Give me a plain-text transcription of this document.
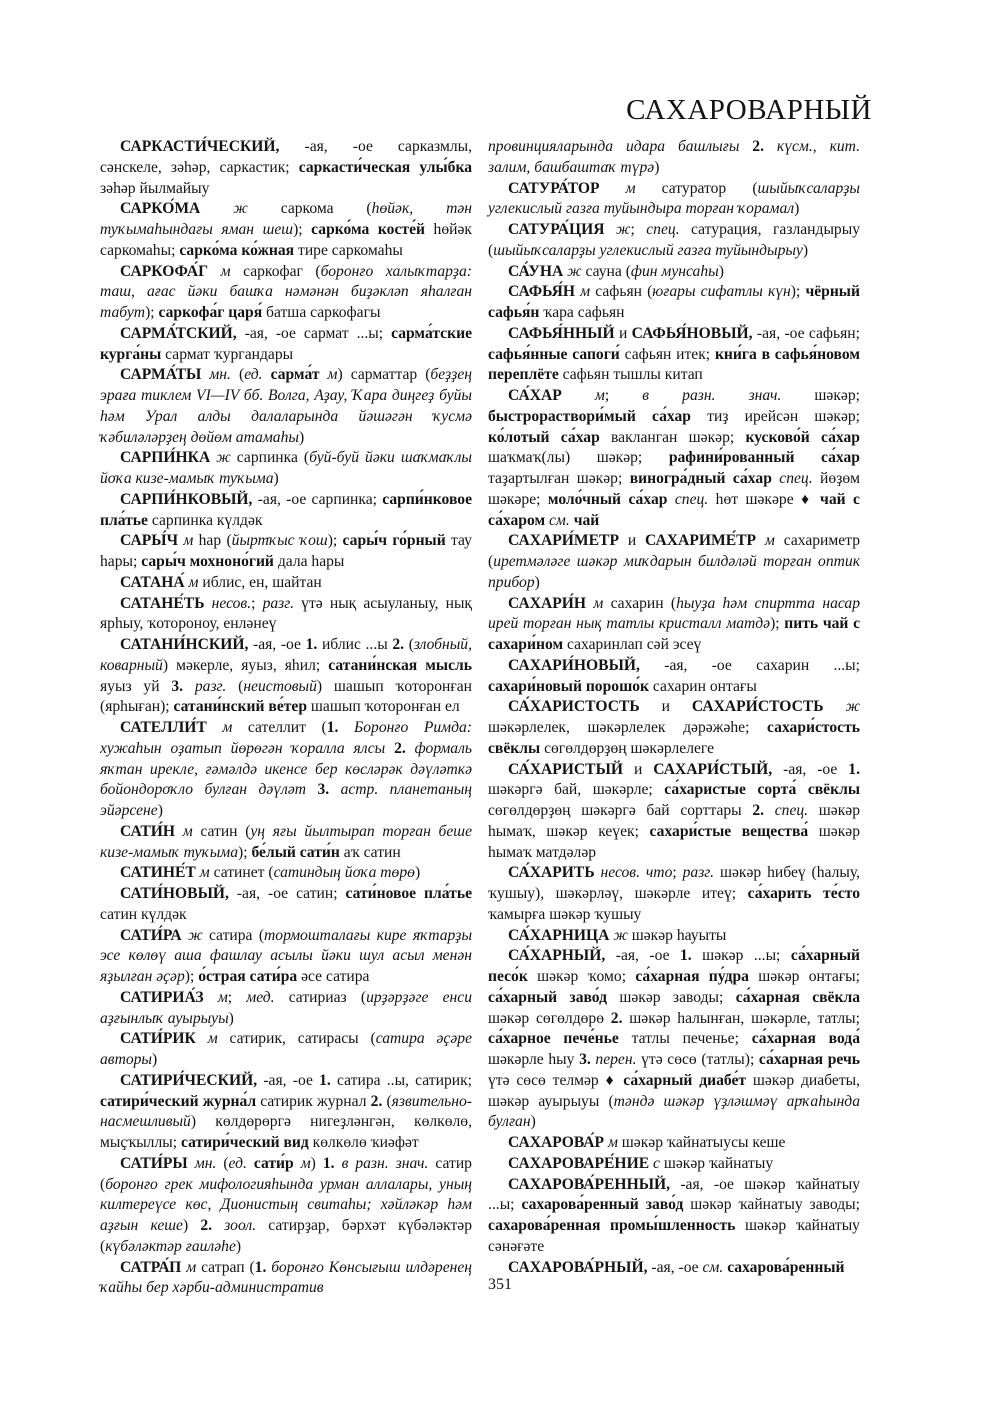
САХАРОВАРНЫЙ

САРКАСТИ́ЧЕСКИЙ, -ая, -ое сарказмлы, сәнскеле, зәһәр, саркастик; саркасти́ческая улы́бка зәһәр йылмайыу

САРКО́МА ж саркома (һөйәк, тән туҡымаһындағы яман шеш); сарко́ма косте́й һөйәк саркомаһы; сарко́ма ко́жная тире саркомаһы

САРКОФА́Г м саркофаг (боронғо халыҡтарҙа: таш, ағас йәки башҡа нәмәнән биҙәкләп яһалған табут); саркофа́г царя́ батша саркофагы

САРМА́ТСКИЙ, -ая, -ое сармат ...ы; сарма́тские курга́ны сармат ҡургандары

САРМА́ТЫ мн. (ед. сарма́т м) сарматтар (беҙҙең эраға тиклем VI—IV бб. Волга, Аҙау, Ҡара диңгеҙ буйы һәм Урал алды далаларында йәшәгән ҡусмә ҡәбиләләрҙең дөйөм атамаһы)

САРПИ́НКА ж сарпинка (буй-буй йәки шаҡмаҡлы йоҡа кизе-мамыҡ туҡыма)

САРПИ́НКОВЫЙ, -ая, -ое сарпинка; сарпи́нковое пла́тье сарпинка күлдәк

САРЫ́Ч м һар (йыртҡыс ҡош); сары́ч го́рный тау һары; сары́ч мохноно́гий дала һары

САТАНА́ м иблис, ен, шайтан

САТАНЕ́ТЬ несов.; разг. үтә нық асыуланыу, нық ярһыу, ҡотороноу, енләнеү

САТАНИ́НСКИЙ, -ая, -ое 1. иблис ...ы 2. (злобный, коварный) мәкерле, яуыз, яһил; сатани́нская мысль яуыз уй 3. разг. (неистовый) шашып ҡоторонған (ярһыған); сатани́нский ве́тер шашып ҡоторонған ел

САТЕЛЛИ́Т м сателлит (1. Боронғо Римда: хужаһын оҙатып йөрөгән ҡоралла ялсы 2. формаль яҡтан ирекле, ғәмәлдә икенсе бер көсләрәк дәүләткә бойондороҡло булған дәүләт 3. астр. планетаның эйәрсене)

САТИ́Н м сатин (уң яғы йылтырап торған беше кизе-мамыҡ туҡыма); бе́лый сати́н аҡ сатин

САТИНЕ́Т м сатинет (сатиндың йоҡа төрө)

САТИ́НОВЫЙ, -ая, -ое сатин; сати́новое пла́тье сатин күлдәк

САТИ́РА ж сатира (тормошталағы кире яҡтарҙы эсе көлөү аша фашлау асылы йәки шул асыл менән яҙылған әҫәр); о́страя сати́ра әсе сатира

САТИРИА́З м; мед. сатириаз (ирҙәрҙәге енси аҙғынлыҡ ауырыуы)

САТИ́РИК м сатирик, сатирасы (сатира әҫәре авторы)

САТИРИ́ЧЕСКИЙ, -ая, -ое 1. сатира ..ы, сатирик; сатири́ческий журна́л сатирик журнал 2. (язвительно-насмешливый) көлдөрөргә нигеҙләнгән, көлкөлө, мыҫҡыллы; сатири́ческий вид көлкөлө ҡиәфәт

САТИ́РЫ мн. (ед. сати́р м) 1. в разн. знач. сатир (боронғо грек мифологияһында урман аллалары, уның килтереүсе көс, Дионистың свитаһы; хәйләкәр һәм аҙғын кеше) 2. зоол. сатирҙар, бәрхәт күбәләктәр (күбәләктәр ғаиләһе)

САТРА́П м сатрап (1. боронғо Көнсығыш илдәренең ҡайһы бер хәрби-административ

провинцияларында идара башлығы 2. күсм., кит. залим, башбаштаҡ түрә)

САТУРА́ТОР м сатуратор (шыйыҡсаларҙы углекислый газға туйындыра торған ҡорамал)

САТУРА́ЦИЯ ж; спец. сатурация, газландырыу (шыйыҡсаларҙы углекислый газға туйындырыу)

СА́УНА ж сауна (фин мунсаһы)

САФЬЯ́Н м сафьян (юғары сифатлы күн); чёрный сафья́н ҡара сафьян

САФЬЯ́ННЫЙ и САФЬЯ́НОВЫЙ, -ая, -ое сафьян; сафья́нные сапоги́ сафьян итек; кни́га в сафья́новом переплёте сафьян тышлы китап

СА́ХАР м; в разн. знач. шәкәр; быстрораствори́мый са́хар тиҙ ирейсән шәкәр; ко́лотый са́хар вакланган шәкәр; кусково́й са́хар шаҡмаҡ(лы) шәкәр; рафини́рованный са́хар таҙартылған шәкәр; виногра́дный са́хар спец. йөҙөм шәкәре; моло́чный са́хар спец. һөт шәкәре ♦ чай с са́харом см. чай

САХАРИ́МЕТР и САХАРИМЕ́ТР м сахариметр (иретмәләге шәкәр миҡдарын билдәләй торған оптик прибор)

САХАРИ́Н м сахарин (һыуҙа һәм спиртта насар ирей торған нық татлы кристалл матдә); пить чай с сахари́ном сахаринлап сәй эсеү

САХАРИ́НОВЫЙ, -ая, -ое сахарин ...ы; сахари́новый порошо́к сахарин онтағы

СА́ХАРИСТОСТЬ и САХАРИ́СТОСТЬ ж шәкәрлелек, шәкәрлелек дәрәжәһе; сахари́стость свёклы сөгөлдөрҙөң шәкәрлелеге

СА́ХАРИСТЫЙ и САХАРИ́СТЫЙ, -ая, -ое 1. шәкәргә бай, шәкәрле; са́харистые сорта́ свёклы сөгөлдөрҙөң шәкәргә бай сорттары 2. спец. шәкәр һымаҡ, шәкәр кеүек; сахари́стые вещества́ шәкәр һымаҡ матдәләр

СА́ХАРИТЬ несов. что; разг. шәкәр һибеү (һалыу, ҡушыу), шәкәрләү, шәкәрле итеү; са́харить те́сто ҡамырға шәкәр ҡушыу

СА́ХАРНИЦА ж шәкәр һауыты

СА́ХАРНЫЙ, -ая, -ое 1. шәкәр ...ы; са́харный песо́к шәкәр ҡомо; са́харная пу́дра шәкәр онтағы; са́харный заво́д шәкәр заводы; са́харная свёкла шәкәр сөгөлдөрө 2. шәкәр һалынған, шәкәрле, татлы; са́харное пече́нье татлы печенье; са́харная вода́ шәкәрле һыу 3. перен. үтә сөсө (татлы); са́харная речь үтә сөсө телмәр ♦ са́харный диабе́т шәкәр диабеты, шәкәр ауырыуы (тәндә шәкәр үҙләшмәү арҡаһында булған)

САХАРОВА́Р м шәкәр ҡайнатыусы кеше

САХАРОВАРЕ́НИЕ с шәкәр ҡайнатыу

САХАРОВА́РЕННЫЙ, -ая, -ое шәкәр ҡайнатыу ...ы; сахарова́ренный заво́д шәкәр ҡайнатыу заводы; сахарова́ренная промы́шленность шәкәр ҡайнатыу сәнәғәте

САХАРОВА́РНЫЙ, -ая, -ое см. сахарова́ренный

351
